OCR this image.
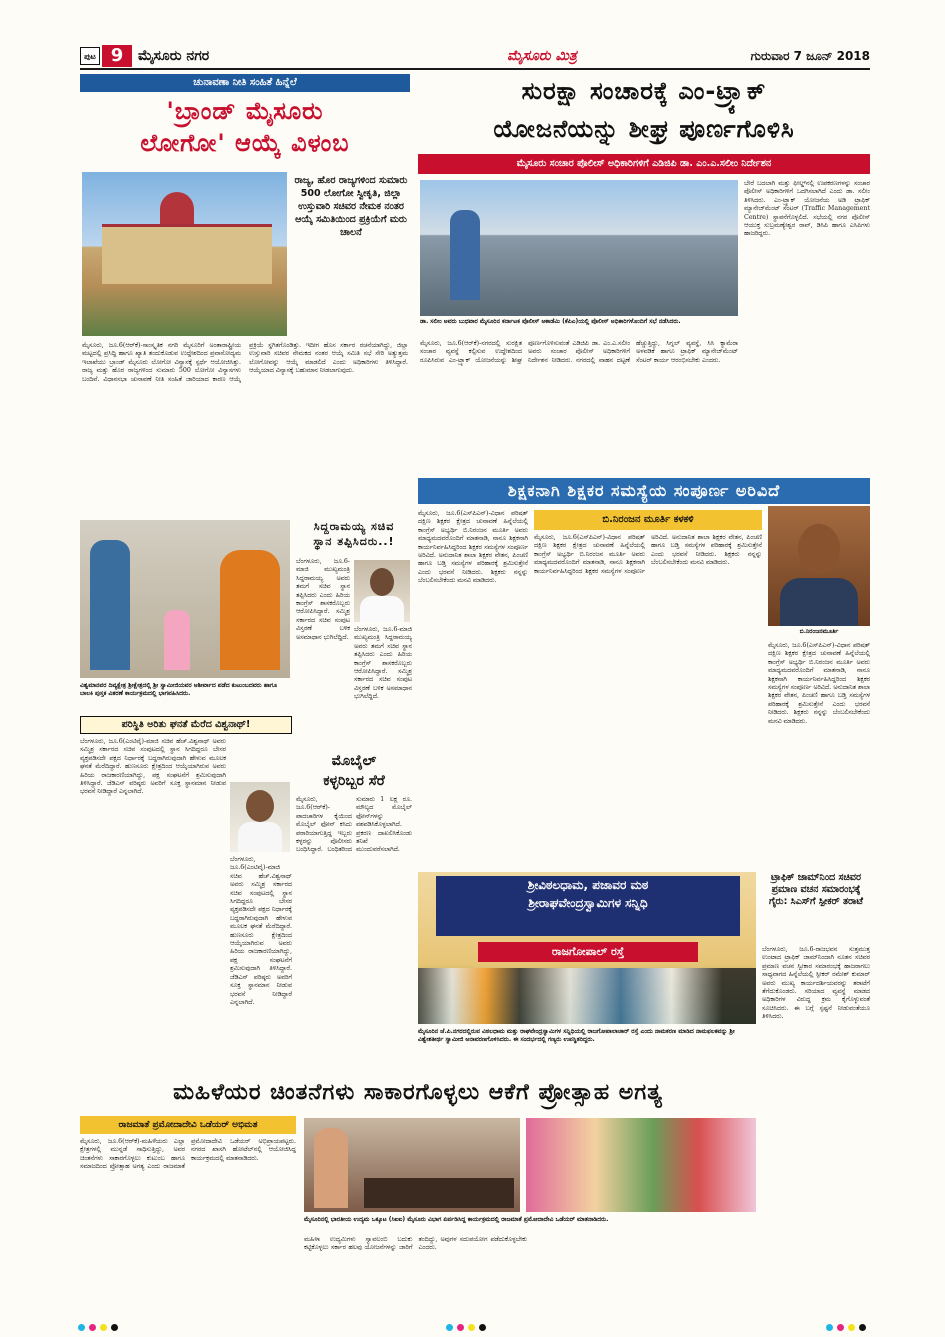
ಪುಟ 9	ಮೈಸೂರು ನಗರ	ಮೈಸೂರು ಮಿತ್ರ	ಗುರುವಾರ 7 ಜೂನ್ 2018
ಚುನಾವಣಾ ನೀತಿ ಸಂಹಿತೆ ಹಿನ್ನೆಲೆ
'ಬ್ರಾಂಡ್ ಮೈಸೂರು
ಲೋಗೋ' ಆಯ್ಕೆ ವಿಳಂಬ
ರಾಜ್ಯ, ಹೊರ ರಾಜ್ಯಗಳಿಂದ ಸುಮಾರು 500 ಲೋಗೋ ಸ್ವೀಕೃತಿ, ಜಿಲ್ಲಾ ಉಸ್ತುವಾರಿ ಸಚಿವರ ನೇಮಕ ನಂತರ ಆಯ್ಕೆ ಸಮಿತಿಯಿಂದ ಪ್ರಕ್ರಿಯೆಗೆ ಮರು ಚಾಲನೆ
ಮೈಸೂರು, ಜೂ.6(ಆರ್‌ಕೆ)-ಸಾಂಸ್ಕೃತಿಕ ನಗರಿ ಮೈಸೂರಿಗೆ ಅಂತಾರಾಷ್ಟ್ರೀಯ ಮಟ್ಟದಲ್ಲಿ ಪ್ರಸಿದ್ಧಿ ಹಾಗೂ ಖ್ಯಾತಿ ತಂದುಕೊಡುವ ಉದ್ದೇಶದಿಂದ ಪ್ರವಾಸೋದ್ಯಮ ಇಲಾಖೆಯು ಬ್ರಾಂಡ್ ಮೈಸೂರು ಲೋಗೋ ವಿನ್ಯಾಸಕ್ಕೆ ಸ್ಪರ್ಧೆ ಆಯೋಜಿಸಿತ್ತು. ರಾಜ್ಯ ಮತ್ತು ಹೊರ ರಾಜ್ಯಗಳಿಂದ ಸುಮಾರು 500 ಲೋಗೋ ವಿನ್ಯಾಸಗಳು ಬಂದಿವೆ. ವಿಧಾನಸಭಾ ಚುನಾವಣೆ ನೀತಿ ಸಂಹಿತೆ ಜಾರಿಯಾದ ಕಾರಣ ಆಯ್ಕೆ ಪ್ರಕ್ರಿಯೆ ಸ್ಥಗಿತಗೊಂಡಿತ್ತು. ಇದೀಗ ಹೊಸ ಸರ್ಕಾರ ರಚನೆಯಾಗಿದ್ದು, ಜಿಲ್ಲಾ ಉಸ್ತುವಾರಿ ಸಚಿವರ ನೇಮಕದ ನಂತರ ಆಯ್ಕೆ ಸಮಿತಿ ಸಭೆ ಸೇರಿ ಅತ್ಯುತ್ತಮ ಲೋಗೋವನ್ನು ಆಯ್ಕೆ ಮಾಡಲಿದೆ ಎಂದು ಅಧಿಕಾರಿಗಳು ತಿಳಿಸಿದ್ದಾರೆ. ಆಯ್ಕೆಯಾದ ವಿನ್ಯಾಸಕ್ಕೆ ಬಹುಮಾನ ನೀಡಲಾಗುವುದು.
ಸುರಕ್ಷಾ ಸಂಚಾರಕ್ಕೆ ಎಂ-ಟ್ರ್ಯಾಕ್
ಯೋಜನೆಯನ್ನು ಶೀಘ್ರ ಪೂರ್ಣಗೊಳಿಸಿ
ಮೈಸೂರು ಸಂಚಾರ ಪೊಲೀಸ್ ಅಧಿಕಾರಿಗಳಿಗೆ ಎಡಿಜಿಪಿ ಡಾ. ಎಂ.ಎ.ಸಲೀಂ ನಿರ್ದೇಶನ
ಡಾ. ಸಲೀಂ ಅವರು ಬುಧವಾರ ಮೈಸೂರಿನ ಕರ್ನಾಟಕ ಪೊಲೀಸ್ ಅಕಾಡೆಮಿ (ಕೆಪಿಎ)ಯಲ್ಲಿ ಪೊಲೀಸ್ ಅಧಿಕಾರಿಗಳೊಂದಿಗೆ ಸಭೆ ನಡೆಸಿದರು.
ಮೈಸೂರು, ಜೂ.6(ಆರ್‌ಕೆ)-ನಗರದಲ್ಲಿ ಸುರಕ್ಷಿತ ಸಂಚಾರ ವ್ಯವಸ್ಥೆ ಕಲ್ಪಿಸುವ ಉದ್ದೇಶದಿಂದ ರೂಪಿಸಿರುವ ಎಂ-ಟ್ರ್ಯಾಕ್ ಯೋಜನೆಯನ್ನು ಶೀಘ್ರ ಪೂರ್ಣಗೊಳಿಸುವಂತೆ ಎಡಿಜಿಪಿ ಡಾ. ಎಂ.ಎ.ಸಲೀಂ ಅವರು ಸಂಚಾರ ಪೊಲೀಸ್ ಅಧಿಕಾರಿಗಳಿಗೆ ನಿರ್ದೇಶನ ನೀಡಿದರು. ನಗರದಲ್ಲಿ ವಾಹನ ದಟ್ಟಣೆ ಹೆಚ್ಚುತ್ತಿದ್ದು, ಸಿಗ್ನಲ್ ವ್ಯವಸ್ಥೆ, ಸಿಸಿ ಕ್ಯಾಮೆರಾ ಅಳವಡಿಕೆ ಹಾಗೂ ಟ್ರಾಫಿಕ್ ಮ್ಯಾನೇಜ್‌ಮೆಂಟ್ ಸೆಂಟರ್ ಕಾರ್ಯ ಆರಂಭಿಸಬೇಕು ಎಂದರು.
ಬೇರೆ ಬದಲಾಗಿ ಮತ್ತು ಫೀಲ್ಡ್‌ನಲ್ಲಿ ಉಪಕರಣಗಳನ್ನು ಸಂಚಾರ ಪೊಲೀಸ್ ಅಧಿಕಾರಿಗಳಿಗೆ ಒದಗಿಸಲಾಗಿದೆ ಎಂದು ಡಾ. ಸಲೀಂ ತಿಳಿಸಿದರು. ಎಂ-ಟ್ರ್ಯಾಕ್ ಯೋಜನೆಯ ಅಡಿ ಟ್ರಾಫಿಕ್ ಮ್ಯಾನೇಜ್‌ಮೆಂಟ್ ಸೆಂಟರ್ (Traffic Management Centre) ಸ್ಥಾಪನೆಗೊಳ್ಳಲಿದೆ. ಸಭೆಯಲ್ಲಿ ನಗರ ಪೊಲೀಸ್ ಆಯುಕ್ತ ಸುಬ್ರಮಣ್ಯೇಶ್ವರ ರಾವ್, ಡಿಸಿಪಿ ಹಾಗೂ ಎಸಿಪಿಗಳು ಹಾಜರಿದ್ದರು.
ಶಿಕ್ಷಕನಾಗಿ ಶಿಕ್ಷಕರ ಸಮಸ್ಯೆಯ ಸಂಪೂರ್ಣ ಅರಿವಿದೆ
ಮೈಸೂರು, ಜೂ.6(ಎಸ್‌ಪಿಎನ್)-ವಿಧಾನ ಪರಿಷತ್ ದಕ್ಷಿಣ ಶಿಕ್ಷಕರ ಕ್ಷೇತ್ರದ ಚುನಾವಣೆ ಹಿನ್ನೆಲೆಯಲ್ಲಿ ಕಾಂಗ್ರೆಸ್ ಅಭ್ಯರ್ಥಿ ಬಿ.ನಿರಂಜನ ಮೂರ್ತಿ ಅವರು ಮಾಧ್ಯಮದವರೊಂದಿಗೆ ಮಾತನಾಡಿ, ನಾನೂ ಶಿಕ್ಷಕನಾಗಿ ಕಾರ್ಯನಿರ್ವಹಿಸಿದ್ದರಿಂದ ಶಿಕ್ಷಕರ ಸಮಸ್ಯೆಗಳ ಸಂಪೂರ್ಣ ಅರಿವಿದೆ. ಅನುದಾನಿತ ಶಾಲಾ ಶಿಕ್ಷಕರ ವೇತನ, ಪಿಂಚಣಿ ಹಾಗೂ ಬಡ್ತಿ ಸಮಸ್ಯೆಗಳ ಪರಿಹಾರಕ್ಕೆ ಶ್ರಮಿಸುತ್ತೇನೆ ಎಂದು ಭರವಸೆ ನೀಡಿದರು. ಶಿಕ್ಷಕರು ನನ್ನನ್ನು ಬೆಂಬಲಿಸಬೇಕೆಂದು ಮನವಿ ಮಾಡಿದರು.
ಬಿ.ನಿರಂಜನ ಮೂರ್ತಿ ಕಳಕಳಿ
ಮೈಸೂರು, ಜೂ.6(ಎಸ್‌ಪಿಎನ್)-ವಿಧಾನ ಪರಿಷತ್ ದಕ್ಷಿಣ ಶಿಕ್ಷಕರ ಕ್ಷೇತ್ರದ ಚುನಾವಣೆ ಹಿನ್ನೆಲೆಯಲ್ಲಿ ಕಾಂಗ್ರೆಸ್ ಅಭ್ಯರ್ಥಿ ಬಿ.ನಿರಂಜನ ಮೂರ್ತಿ ಅವರು ಮಾಧ್ಯಮದವರೊಂದಿಗೆ ಮಾತನಾಡಿ, ನಾನೂ ಶಿಕ್ಷಕನಾಗಿ ಕಾರ್ಯನಿರ್ವಹಿಸಿದ್ದರಿಂದ ಶಿಕ್ಷಕರ ಸಮಸ್ಯೆಗಳ ಸಂಪೂರ್ಣ ಅರಿವಿದೆ. ಅನುದಾನಿತ ಶಾಲಾ ಶಿಕ್ಷಕರ ವೇತನ, ಪಿಂಚಣಿ ಹಾಗೂ ಬಡ್ತಿ ಸಮಸ್ಯೆಗಳ ಪರಿಹಾರಕ್ಕೆ ಶ್ರಮಿಸುತ್ತೇನೆ ಎಂದು ಭರವಸೆ ನೀಡಿದರು. ಶಿಕ್ಷಕರು ನನ್ನನ್ನು ಬೆಂಬಲಿಸಬೇಕೆಂದು ಮನವಿ ಮಾಡಿದರು.
ಬಿ.ನಿರಂಜನಮೂರ್ತಿ
ಮೈಸೂರು, ಜೂ.6(ಎಸ್‌ಪಿಎನ್)-ವಿಧಾನ ಪರಿಷತ್ ದಕ್ಷಿಣ ಶಿಕ್ಷಕರ ಕ್ಷೇತ್ರದ ಚುನಾವಣೆ ಹಿನ್ನೆಲೆಯಲ್ಲಿ ಕಾಂಗ್ರೆಸ್ ಅಭ್ಯರ್ಥಿ ಬಿ.ನಿರಂಜನ ಮೂರ್ತಿ ಅವರು ಮಾಧ್ಯಮದವರೊಂದಿಗೆ ಮಾತನಾಡಿ, ನಾನೂ ಶಿಕ್ಷಕನಾಗಿ ಕಾರ್ಯನಿರ್ವಹಿಸಿದ್ದರಿಂದ ಶಿಕ್ಷಕರ ಸಮಸ್ಯೆಗಳ ಸಂಪೂರ್ಣ ಅರಿವಿದೆ. ಅನುದಾನಿತ ಶಾಲಾ ಶಿಕ್ಷಕರ ವೇತನ, ಪಿಂಚಣಿ ಹಾಗೂ ಬಡ್ತಿ ಸಮಸ್ಯೆಗಳ ಪರಿಹಾರಕ್ಕೆ ಶ್ರಮಿಸುತ್ತೇನೆ ಎಂದು ಭರವಸೆ ನೀಡಿದರು. ಶಿಕ್ಷಕರು ನನ್ನನ್ನು ಬೆಂಬಲಿಸಬೇಕೆಂದು ಮನವಿ ಮಾಡಿದರು.
ವಿಶ್ವಮಾನವರ ದಿವ್ಯಕ್ಷೇತ್ರ ಶ್ರೀಕ್ಷೇತ್ರದಲ್ಲಿ ಶ್ರೀ ಸ್ವಾಮೀಜಿಯವರ ಆಶೀರ್ವಾದ ಪಡೆದ ಕುಟುಂಬದವರು ಹಾಗೂ ಬಾಲಕಿ ಪುಸ್ತಕ ವಿತರಣೆ ಕಾರ್ಯಕ್ರಮದಲ್ಲಿ ಭಾಗವಹಿಸಿದರು.
ಸಿದ್ದರಾಮಯ್ಯ ಸಚಿವ
ಸ್ಥಾನ ತಪ್ಪಿಸಿದರು..!
ಬೆಂಗಳೂರು, ಜೂ.6-ಮಾಜಿ ಮುಖ್ಯಮಂತ್ರಿ ಸಿದ್ದರಾಮಯ್ಯ ಅವರು ತಮಗೆ ಸಚಿವ ಸ್ಥಾನ ತಪ್ಪಿಸಿದರು ಎಂದು ಹಿರಿಯ ಕಾಂಗ್ರೆಸ್ ಶಾಸಕರೊಬ್ಬರು ಆರೋಪಿಸಿದ್ದಾರೆ. ಸಮ್ಮಿಶ್ರ ಸರ್ಕಾರದ ಸಚಿವ ಸಂಪುಟ ವಿಸ್ತರಣೆ ಬಳಿಕ ಅಸಮಾಧಾನ ಭುಗಿಲೆದ್ದಿದೆ.
ಬೆಂಗಳೂರು, ಜೂ.6-ಮಾಜಿ ಮುಖ್ಯಮಂತ್ರಿ ಸಿದ್ದರಾಮಯ್ಯ ಅವರು ತಮಗೆ ಸಚಿವ ಸ್ಥಾನ ತಪ್ಪಿಸಿದರು ಎಂದು ಹಿರಿಯ ಕಾಂಗ್ರೆಸ್ ಶಾಸಕರೊಬ್ಬರು ಆರೋಪಿಸಿದ್ದಾರೆ. ಸಮ್ಮಿಶ್ರ ಸರ್ಕಾರದ ಸಚಿವ ಸಂಪುಟ ವಿಸ್ತರಣೆ ಬಳಿಕ ಅಸಮಾಧಾನ ಭುಗಿಲೆದ್ದಿದೆ.
ಪರಿಸ್ಥಿತಿ ಅರಿತು ಘನತೆ ಮೆರೆದ ವಿಶ್ವನಾಥ್!
ಬೆಂಗಳೂರು, ಜೂ.6(ಎಂಟಿವೈ)-ಮಾಜಿ ಸಚಿವ ಹೆಚ್.ವಿಶ್ವನಾಥ್ ಅವರು ಸಮ್ಮಿಶ್ರ ಸರ್ಕಾರದ ಸಚಿವ ಸಂಪುಟದಲ್ಲಿ ಸ್ಥಾನ ಸಿಗದಿದ್ದರೂ ಬೇಸರ ವ್ಯಕ್ತಪಡಿಸದೇ ಪಕ್ಷದ ನಿರ್ಧಾರಕ್ಕೆ ಬದ್ಧರಾಗಿರುವುದಾಗಿ ಹೇಳುವ ಮೂಲಕ ಘನತೆ ಮೆರೆದಿದ್ದಾರೆ. ಹುಣಸೂರು ಕ್ಷೇತ್ರದಿಂದ ಆಯ್ಕೆಯಾಗಿರುವ ಅವರು ಹಿರಿಯ ರಾಜಕಾರಣಿಯಾಗಿದ್ದು, ಪಕ್ಷ ಸಂಘಟನೆಗೆ ಶ್ರಮಿಸುವುದಾಗಿ ತಿಳಿಸಿದ್ದಾರೆ. ಜೆಡಿಎಸ್ ವರಿಷ್ಠರು ಅವರಿಗೆ ಸೂಕ್ತ ಸ್ಥಾನಮಾನ ನೀಡುವ ಭರವಸೆ ನೀಡಿದ್ದಾರೆ ಎನ್ನಲಾಗಿದೆ.
ಬೆಂಗಳೂರು, ಜೂ.6(ಎಂಟಿವೈ)-ಮಾಜಿ ಸಚಿವ ಹೆಚ್.ವಿಶ್ವನಾಥ್ ಅವರು ಸಮ್ಮಿಶ್ರ ಸರ್ಕಾರದ ಸಚಿವ ಸಂಪುಟದಲ್ಲಿ ಸ್ಥಾನ ಸಿಗದಿದ್ದರೂ ಬೇಸರ ವ್ಯಕ್ತಪಡಿಸದೇ ಪಕ್ಷದ ನಿರ್ಧಾರಕ್ಕೆ ಬದ್ಧರಾಗಿರುವುದಾಗಿ ಹೇಳುವ ಮೂಲಕ ಘನತೆ ಮೆರೆದಿದ್ದಾರೆ. ಹುಣಸೂರು ಕ್ಷೇತ್ರದಿಂದ ಆಯ್ಕೆಯಾಗಿರುವ ಅವರು ಹಿರಿಯ ರಾಜಕಾರಣಿಯಾಗಿದ್ದು, ಪಕ್ಷ ಸಂಘಟನೆಗೆ ಶ್ರಮಿಸುವುದಾಗಿ ತಿಳಿಸಿದ್ದಾರೆ. ಜೆಡಿಎಸ್ ವರಿಷ್ಠರು ಅವರಿಗೆ ಸೂಕ್ತ ಸ್ಥಾನಮಾನ ನೀಡುವ ಭರವಸೆ ನೀಡಿದ್ದಾರೆ ಎನ್ನಲಾಗಿದೆ.
ಮೊಬೈಲ್
ಕಳ್ಳರಿಬ್ಬರ ಸೆರೆ
ಮೈಸೂರು, ಜೂ.6(ಆರ್‌ಕೆ)-ಪಾದಚಾರಿಗಳ ಕೈಯಿಂದ ಮೊಬೈಲ್ ಫೋನ್ ಕಸಿದು ಪರಾರಿಯಾಗುತ್ತಿದ್ದ ಇಬ್ಬರು ಕಳ್ಳರನ್ನು ಪೊಲೀಸರು ಬಂಧಿಸಿದ್ದಾರೆ. ಬಂಧಿತರಿಂದ ಸುಮಾರು 1 ಲಕ್ಷ ರೂ. ಮೌಲ್ಯದ ಮೊಬೈಲ್ ಫೋನ್‌ಗಳನ್ನು ವಶಪಡಿಸಿಕೊಳ್ಳಲಾಗಿದೆ. ಪ್ರಕರಣ ದಾಖಲಿಸಿಕೊಂಡು ತನಿಖೆ ಮುಂದುವರೆಸಲಾಗಿದೆ.
ಶ್ರೀವಿಠಲಧಾಮ, ಪಜಾವರ ಮಠ
ಶ್ರೀರಾಘವೇಂದ್ರಸ್ವಾಮಿಗಳ ಸನ್ನಿಧಿ
ರಾಜಗೋಪಾಲ್ ರಸ್ತೆ
ಮೈಸೂರಿನ ಜೆ.ಪಿ.ನಗರದಲ್ಲಿರುವ ವಿಠಲಧಾಮ ಮತ್ತು ರಾಘವೇಂದ್ರಸ್ವಾಮಿಗಳ ಸನ್ನಿಧಿಯಲ್ಲಿ ರಾಜಗೋಪಾಲಾಚಾರ್ ರಸ್ತೆ ಎಂದು ನಾಮಕರಣ ಮಾಡಿದ ನಾಮಫಲಕವನ್ನು ಶ್ರೀ ವಿಶ್ವೇಶತೀರ್ಥ ಸ್ವಾಮೀಜಿ ಅನಾವರಣಗೊಳಿಸಿದರು. ಈ ಸಂದರ್ಭದಲ್ಲಿ ಗಣ್ಯರು ಉಪಸ್ಥಿತರಿದ್ದರು.
ಟ್ರಾಫಿಕ್ ಜಾಮ್‌ನಿಂದ ಸಚಿವರ ಪ್ರಮಾಣ ವಚನ ಸಮಾರಂಭಕ್ಕೆ ಗೈರು: ಸಿಎಸ್‌ಗೆ ಸ್ಪೀಕರ್ ತರಾಟೆ
ಬೆಂಗಳೂರು, ಜೂ.6-ರಾಜಭವನ ಸುತ್ತಮುತ್ತ ಉಂಟಾದ ಟ್ರಾಫಿಕ್ ಜಾಮ್‌ನಿಂದಾಗಿ ನೂತನ ಸಚಿವರ ಪ್ರಮಾಣ ವಚನ ಸ್ವೀಕಾರ ಸಮಾರಂಭಕ್ಕೆ ಹಾಜರಾಗಲು ಸಾಧ್ಯವಾಗದ ಹಿನ್ನೆಲೆಯಲ್ಲಿ ಸ್ಪೀಕರ್ ರಮೇಶ್ ಕುಮಾರ್ ಅವರು ಮುಖ್ಯ ಕಾರ್ಯದರ್ಶಿಯವರನ್ನು ತರಾಟೆಗೆ ತೆಗೆದುಕೊಂಡರು. ಸರಿಯಾದ ವ್ಯವಸ್ಥೆ ಮಾಡದ ಅಧಿಕಾರಿಗಳ ವಿರುದ್ಧ ಕ್ರಮ ಕೈಗೊಳ್ಳುವಂತೆ ಸೂಚಿಸಿದರು. ಈ ಬಗ್ಗೆ ಸ್ಪಷ್ಟನೆ ನೀಡುವಂತೆಯೂ ತಿಳಿಸಿದರು.
ಮಹಿಳೆಯರ ಚಿಂತನೆಗಳು ಸಾಕಾರಗೊಳ್ಳಲು ಆಕೆಗೆ ಪ್ರೋತ್ಸಾಹ ಅಗತ್ಯ
ರಾಜಮಾತೆ ಪ್ರಮೋದಾದೇವಿ ಒಡೆಯರ್ ಅಭಿಮತ
ಮೈಸೂರು, ಜೂ.6(ಆರ್‌ಕೆ)-ಮಹಿಳೆಯರು ಎಲ್ಲಾ ಕ್ಷೇತ್ರಗಳಲ್ಲಿ ಮುನ್ನಡೆ ಸಾಧಿಸುತ್ತಿದ್ದು, ಅವರ ಚಿಂತನೆಗಳು ಸಾಕಾರಗೊಳ್ಳಲು ಕುಟುಂಬ ಹಾಗೂ ಸಮಾಜದಿಂದ ಪ್ರೋತ್ಸಾಹ ಅಗತ್ಯ ಎಂದು ರಾಜಮಾತೆ ಪ್ರಮೋದಾದೇವಿ ಒಡೆಯರ್ ಅಭಿಪ್ರಾಯಪಟ್ಟರು. ನಗರದ ಖಾಸಗಿ ಹೋಟೆಲ್‌ನಲ್ಲಿ ಆಯೋಜಿಸಿದ್ದ ಕಾರ್ಯಕ್ರಮದಲ್ಲಿ ಮಾತನಾಡಿದರು.
ಮೈಸೂರಿನಲ್ಲಿ ಭಾರತೀಯ ಉದ್ಯಮ ಒಕ್ಕೂಟ (ಸಿಐಐ) ಮೈಸೂರು ವಿಭಾಗ ಏರ್ಪಡಿಸಿದ್ದ ಕಾರ್ಯಕ್ರಮದಲ್ಲಿ ರಾಜಮಾತೆ ಪ್ರಮೋದಾದೇವಿ ಒಡೆಯರ್ ಮಾತನಾಡಿದರು.
ಮಹಿಳಾ ಉದ್ಯಮಿಗಳು ಸ್ವಾವಲಂಬಿ ಬದುಕು ಕಟ್ಟಿಕೊಳ್ಳಲು ಸರ್ಕಾರ ಹಲವು ಯೋಜನೆಗಳನ್ನು ಜಾರಿಗೆ ತಂದಿದ್ದು, ಅವುಗಳ ಸದುಪಯೋಗ ಪಡೆದುಕೊಳ್ಳಬೇಕು ಎಂದರು.
